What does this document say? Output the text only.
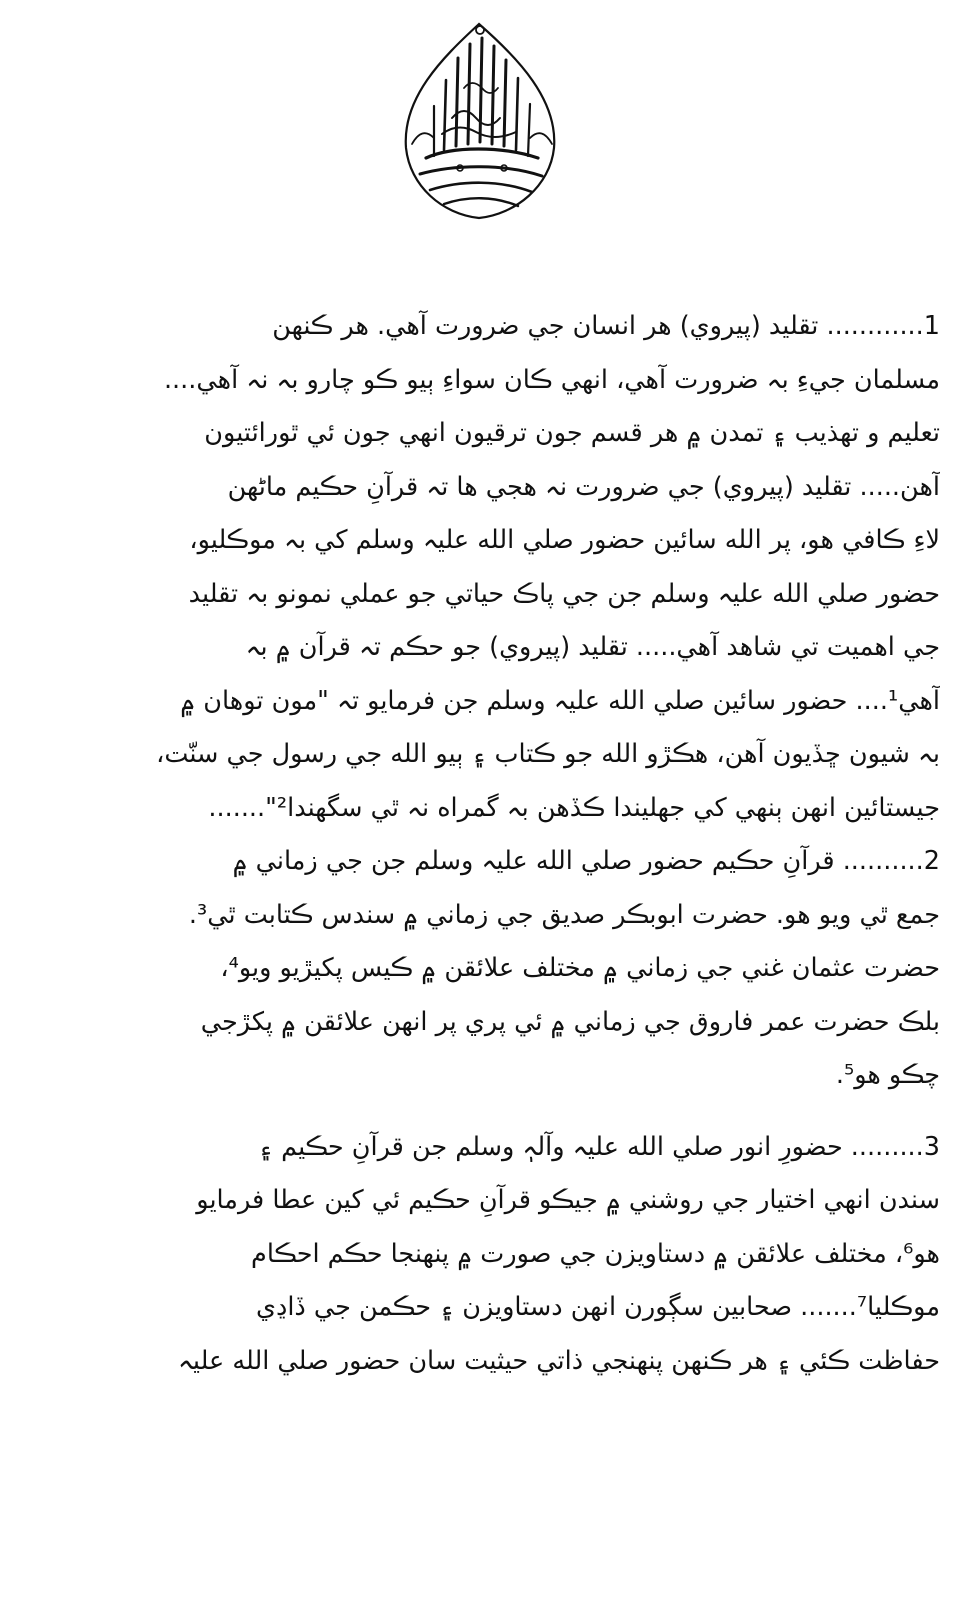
1............ تقليد (پيروي) هر انسان جي ضرورت آهي. هر ڪنهن
مسلمان جيءِ بہ ضرورت آهي، انهي ڪان سواءِ ٻيو ڪو چارو بہ نہ آهي....
تعليم و تهذيب ۽ تمدن ۾ هر قسم جون ترقيون انهي جون ئي ٿورائتيون
آهن..... تقليد (پيروي) جي ضرورت نہ هجي ها تہ قرآنِ حڪيم ماڻهن
لاءِ ڪافي هو، پر الله سائين حضور صلي الله عليہ وسلم کي بہ موڪليو،
حضور صلي الله عليہ وسلم جن جي پاڪ حياتي جو عملي نمونو بہ تقليد
جي اهميت تي شاهد آهي..... تقليد (پيروي) جو حڪم تہ قرآن ۾ بہ
آهي¹.... حضور سائين صلي الله عليہ وسلم جن فرمايو تہ "مون توهان ۾
بہ شيون ڇڏيون آهن، هڪڙو الله جو ڪتاب ۽ ٻيو الله جي رسول جي سنّت،
جيستائين انهن ٻنهي کي جهليندا ڪڏهن بہ گمراه نہ ٿي سگهندا²".......
2.......... قرآنِ حڪيم حضور صلي الله عليہ وسلم جن جي زماني ۾
جمع ٿي ويو هو. حضرت ابوبڪر صديق جي زماني ۾ سندس ڪتابت ٿي³.
حضرت عثمان غني جي زماني ۾ مختلف علائقن ۾ ڪيس پکيڙيو ويو⁴،
بلڪ حضرت عمر فاروق جي زماني ۾ ئي پري پر انهن علائقن ۾ پکڙجي
چڪو هو⁵.
3......... حضورِ انور صلي الله عليہ وآلہٖ وسلم جن قرآنِ حڪيم ۽
سندن انهي اختيار جي روشني ۾ جيڪو قرآنِ حڪيم ئي کين عطا فرمايو
هو⁶، مختلف علائقن ۾ دستاويزن جي صورت ۾ پنهنجا حڪم احڪام
موڪليا⁷....... صحابين سڳورن انهن دستاويزن ۽ حڪمن جي ڏاڍي
حفاظت ڪئي ۽ هر ڪنهن پنهنجي ذاتي حيثيت سان حضور صلي الله عليہ
